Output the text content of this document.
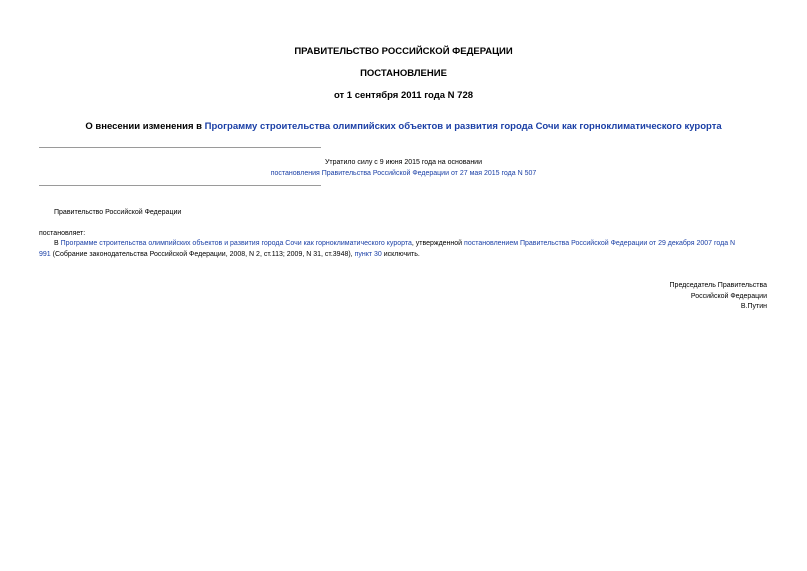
ПРАВИТЕЛЬСТВО РОССИЙСКОЙ ФЕДЕРАЦИИ
ПОСТАНОВЛЕНИЕ
от 1 сентября 2011 года N 728
О внесении изменения в Программу строительства олимпийских объектов и развития города Сочи как горноклиматического курорта
Утратило силу с 9 июня 2015 года на основании
постановления Правительства Российской Федерации от 27 мая 2015 года N 507
Правительство Российской Федерации
постановляет:
В Программе строительства олимпийских объектов и развития города Сочи как горноклиматического курорта, утвержденной постановлением Правительства Российской Федерации от 29 декабря 2007 года N
991 (Собрание законодательства Российской Федерации, 2008, N 2, ст.113; 2009, N 31, ст.3948), пункт 30 исключить.
Председатель Правительства
Российской Федерации
В.Путин
